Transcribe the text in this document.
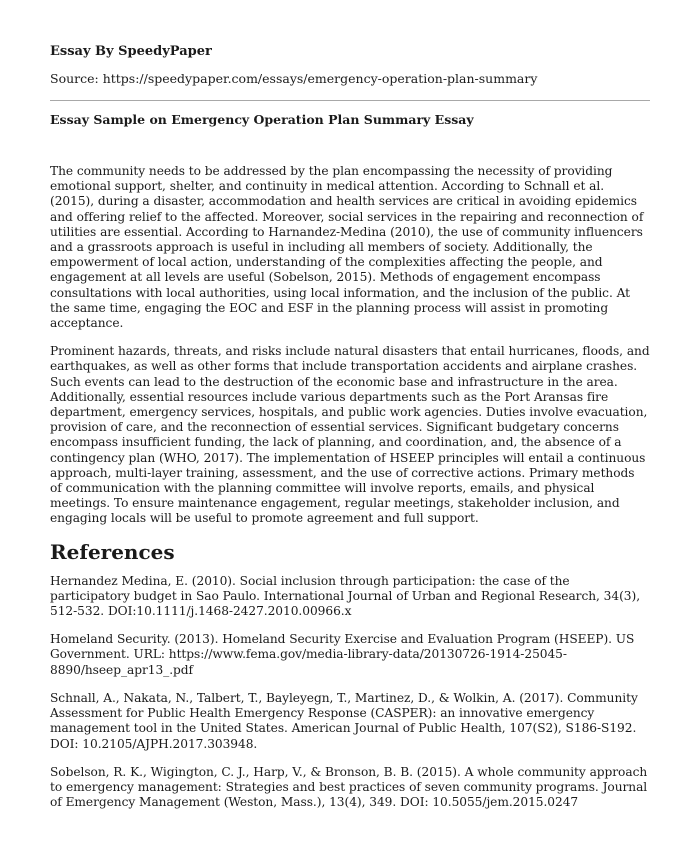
Essay By SpeedyPaper
Source: https://speedypaper.com/essays/emergency-operation-plan-summary
Essay Sample on Emergency Operation Plan Summary Essay

The community needs to be addressed by the plan encompassing the necessity of providing emotional support, shelter, and continuity in medical attention. According to Schnall et al. (2015), during a disaster, accommodation and health services are critical in avoiding epidemics and offering relief to the affected. Moreover, social services in the repairing and reconnection of utilities are essential. According to Harnandez-Medina (2010), the use of community influencers and a grassroots approach is useful in including all members of society. Additionally, the empowerment of local action, understanding of the complexities affecting the people, and engagement at all levels are useful (Sobelson, 2015). Methods of engagement encompass consultations with local authorities, using local information, and the inclusion of the public. At the same time, engaging the EOC and ESF in the planning process will assist in promoting acceptance.

Prominent hazards, threats, and risks include natural disasters that entail hurricanes, floods, and earthquakes, as well as other forms that include transportation accidents and airplane crashes. Such events can lead to the destruction of the economic base and infrastructure in the area. Additionally, essential resources include various departments such as the Port Aransas fire department, emergency services, hospitals, and public work agencies. Duties involve evacuation, provision of care, and the reconnection of essential services. Significant budgetary concerns encompass insufficient funding, the lack of planning, and coordination, and, the absence of a contingency plan (WHO, 2017). The implementation of HSEEP principles will entail a continuous approach, multi-layer training, assessment, and the use of corrective actions. Primary methods of communication with the planning committee will involve reports, emails, and physical meetings. To ensure maintenance engagement, regular meetings, stakeholder inclusion, and engaging locals will be useful to promote agreement and full support.

References

Hernandez Medina, E. (2010). Social inclusion through participation: the case of the participatory budget in Sao Paulo. International Journal of Urban and Regional Research, 34(3), 512-532. DOI:10.1111/j.1468-2427.2010.00966.x

Homeland Security. (2013). Homeland Security Exercise and Evaluation Program (HSEEP). US Government. URL: https://www.fema.gov/media-library-data/20130726-1914-25045-8890/hseep_apr13_.pdf

Schnall, A., Nakata, N., Talbert, T., Bayleyegn, T., Martinez, D., & Wolkin, A. (2017). Community Assessment for Public Health Emergency Response (CASPER): an innovative emergency management tool in the United States. American Journal of Public Health, 107(S2), S186-S192. DOI: 10.2105/AJPH.2017.303948.

Sobelson, R. K., Wigington, C. J., Harp, V., & Bronson, B. B. (2015). A whole community approach to emergency management: Strategies and best practices of seven community programs. Journal of Emergency Management (Weston, Mass.), 13(4), 349. DOI: 10.5055/jem.2015.0247
